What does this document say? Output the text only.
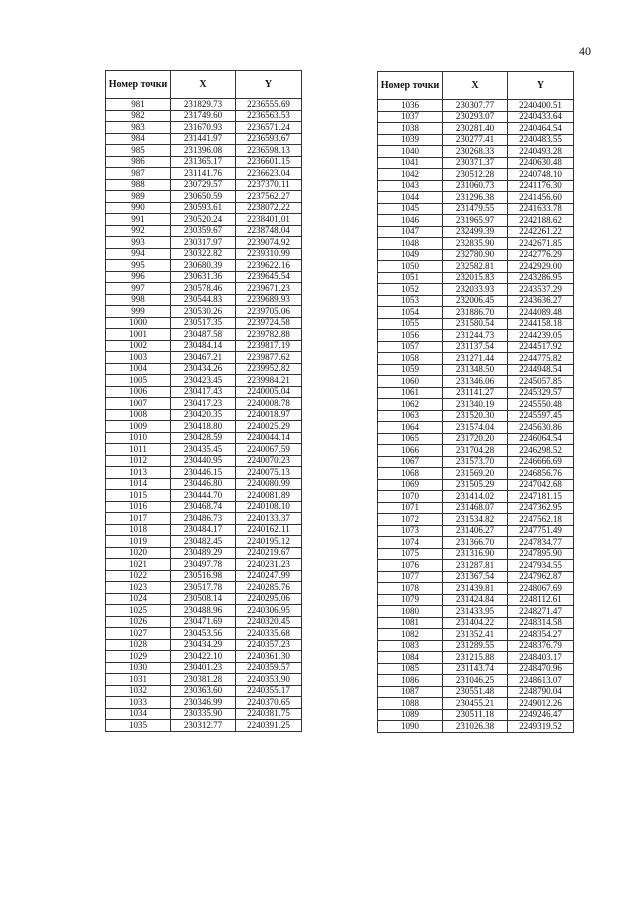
40
Номер точки	X	Y
981	231829.73	2236555.69
982	231749.60	2236563.53
983	231670.93	2236571.24
984	231441.97	2236593.67
985	231396.08	2236598.13
986	231365.17	2236601.15
987	231141.76	2236623.04
988	230729.57	2237370.11
989	230650.59	2237562.27
990	230593.61	2238072.22
991	230520.24	2238401.01
992	230359.67	2238748.04
993	230317.97	2239074.92
994	230322.82	2239310.99
995	230680.39	2239622.16
996	230631.36	2239645.54
997	230578.46	2239671.23
998	230544.83	2239689.93
999	230530.26	2239705.06
1000	230517.35	2239724.58
1001	230487.58	2239782.88
1002	230484.14	2239817.19
1003	230467.21	2239877.62
1004	230434.26	2239952.82
1005	230423.45	2239984.21
1006	230417.43	2240005.04
1007	230417.23	2240008.78
1008	230420.35	2240018.97
1009	230418.80	2240025.29
1010	230428.59	2240044.14
1011	230435.45	2240067.59
1012	230440.95	2240070.23
1013	230446.15	2240075.13
1014	230446.80	2240080.99
1015	230444.70	2240081.89
1016	230468.74	2240108.10
1017	230486.73	2240133.37
1018	230484.17	2240162.11
1019	230482.45	2240195.12
1020	230489.29	2240219.67
1021	230497.78	2240231.23
1022	230516.98	2240247.99
1023	230517.78	2240285.76
1024	230508.14	2240295.06
1025	230488.96	2240306.95
1026	230471.69	2240320.45
1027	230453.56	2240335.68
1028	230434.29	2240357.23
1029	230422.10	2240361.30
1030	230401.23	2240359.57
1031	230381.28	2240353.90
1032	230363.60	2240355.17
1033	230346.99	2240370.65
1034	230335.90	2240381.75
1035	230312.77	2240391.25
Номер точки	X	Y
1036	230307.77	2240400.51
1037	230293.07	2240433.64
1038	230281.40	2240464.54
1039	230277.41	2240483.55
1040	230268.33	2240493.28
1041	230371.37	2240630.48
1042	230512.28	2240748.10
1043	231060.73	2241176.30
1044	231296.38	2241456.60
1045	231479.55	2241633.78
1046	231965.97	2242188.62
1047	232499.39	2242261.22
1048	232835.90	2242671.85
1049	232780.90	2242776.29
1050	232582.81	2242929.00
1051	232015.83	2243286.95
1052	232033.93	2243537.29
1053	232006.45	2243636.27
1054	231886.70	2244089.48
1055	231580.54	2244158.18
1056	231244.73	2244239.05
1057	231137.54	2244517.92
1058	231271.44	2244775.82
1059	231348.50	2244948.54
1060	231346.06	2245057.85
1061	231141.27	2245329.57
1062	231340.19	2245550.48
1063	231520.30	2245597.45
1064	231574.04	2245630.86
1065	231720.20	2246064.54
1066	231704.28	2246298.52
1067	231573.70	2246666.69
1068	231569.20	2246856.76
1069	231505.29	2247042.68
1070	231414.02	2247181.15
1071	231468.07	2247362.95
1072	231534.82	2247562.18
1073	231406.27	2247751.49
1074	231366.70	2247834.77
1075	231316.90	2247895.90
1076	231287.81	2247934.55
1077	231367.54	2247962.87
1078	231439.81	2248067.69
1079	231424.84	2248112.61
1080	231433.95	2248271.47
1081	231404.22	2248314.58
1082	231352.41	2248354.27
1083	231289.55	2248376.79
1084	231215.88	2248403.17
1085	231143.74	2248470.96
1086	231046.25	2248613.07
1087	230551.48	2248790.04
1088	230455.21	2249012.26
1089	230511.18	2249246.47
1090	231026.38	2249319.52
